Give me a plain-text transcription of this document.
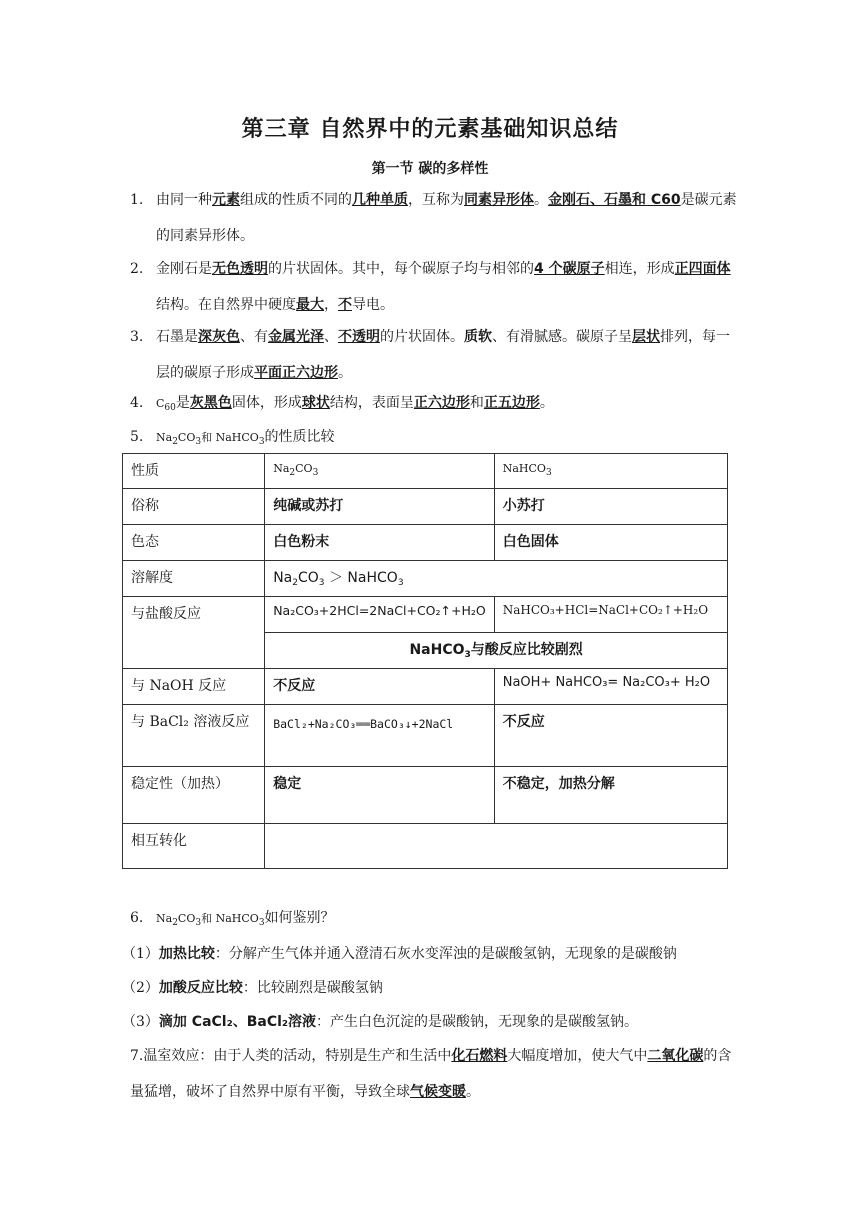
第三章 自然界中的元素基础知识总结
第一节 碳的多样性
1. 由同一种元素组成的性质不同的几种单质，互称为同素异形体。金刚石、石墨和 C60是碳元素的同素异形体。
2. 金刚石是无色透明的片状固体。其中，每个碳原子均与相邻的4 个碳原子相连，形成正四面体结构。在自然界中硬度最大，不导电。
3. 石墨是深灰色、有金属光泽、不透明的片状固体。质软、有滑腻感。碳原子呈层状排列，每一层的碳原子形成平面正六边形。
4. $C_{60}$是灰黑色固体，形成球状结构，表面呈正六边形和正五边形。
5. $Na_2CO_3$和 NaHCO$_3$的性质比较
性质	$Na_2CO_3$	NaHCO$_3$
俗称	纯碱或苏打	小苏打
色态	白色粉末	白色固体
溶解度	$Na_2CO_3$ ＞ NaHCO$_3$
与盐酸反应	Na₂CO₃+2HCl=2NaCl+CO₂↑+H₂O	NaHCO₃+HCl=NaCl+CO₂↑+H₂O
	NaHCO$_3$与酸反应比较剧烈	
与 NaOH 反应	不反应	NaOH+ NaHCO₃= Na₂CO₃+ H₂O
与 BaCl₂ 溶液反应	BaCl₂+Na₂CO₃══BaCO₃↓+2NaCl	不反应
稳定性（加热）	稳定	不稳定，加热分解
相互转化		
6. $Na_2CO_3$和 NaHCO$_3$如何鉴别？
（1）加热比较：分解产生气体并通入澄清石灰水变浑浊的是碳酸氢钠，无现象的是碳酸钠
（2）加酸反应比较：比较剧烈是碳酸氢钠
（3）滴加 CaCl₂、BaCl₂溶液：产生白色沉淀的是碳酸钠，无现象的是碳酸氢钠。
7.温室效应：由于人类的活动，特别是生产和生活中化石燃料大幅度增加，使大气中二氧化碳的含量猛增，破坏了自然界中原有平衡，导致全球气候变暖。
